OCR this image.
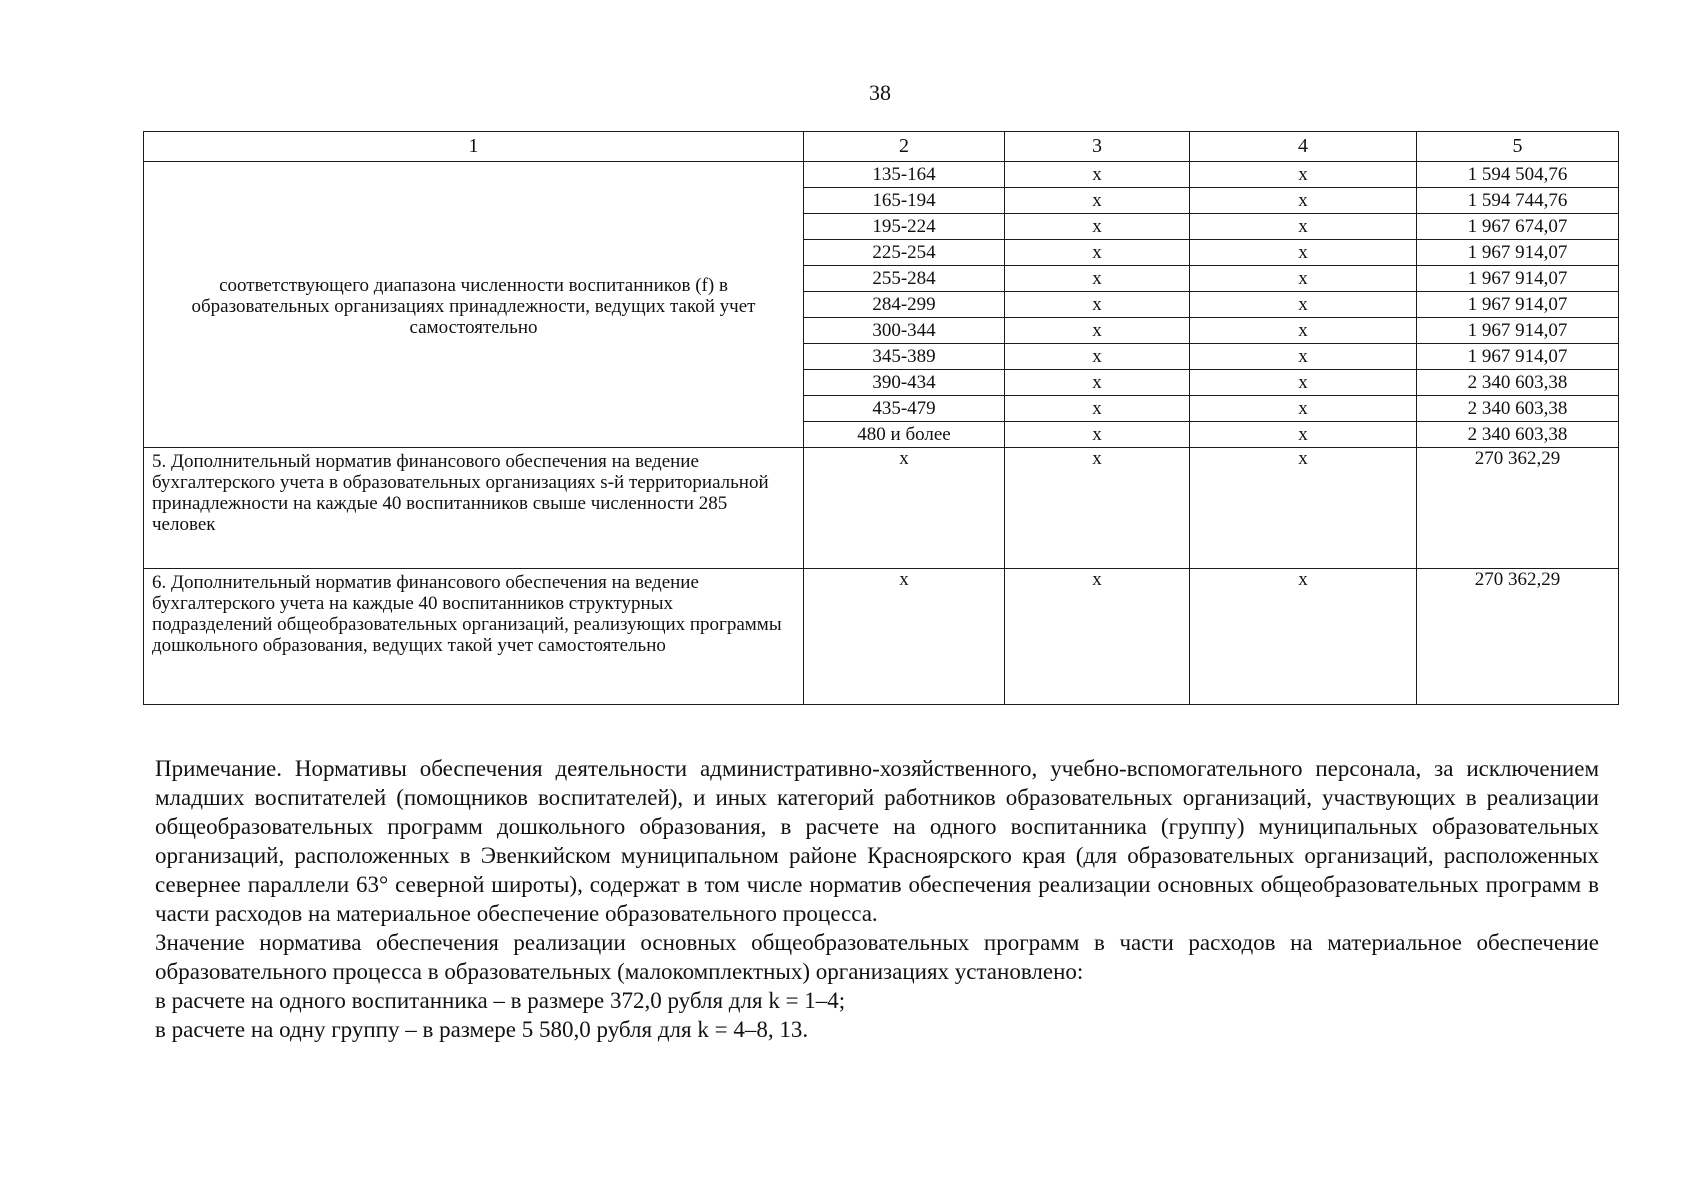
38
1	2	3	4	5
соответствующего диапазона численности воспитанников (f) в образовательных организациях принадлежности, ведущих такой учет самостоятельно	135-164	x	x	1 594 504,76
	165-194	x	x	1 594 744,76
	195-224	x	x	1 967 674,07
	225-254	x	x	1 967 914,07
	255-284	x	x	1 967 914,07
	284-299	x	x	1 967 914,07
	300-344	x	x	1 967 914,07
	345-389	x	x	1 967 914,07
	390-434	x	x	2 340 603,38
	435-479	x	x	2 340 603,38
	480 и более	x	x	2 340 603,38
5. Дополнительный норматив финансового обеспечения на ведение бухгалтерского учета в образовательных организациях s-й территориальной принадлежности на каждые 40 воспитанников свыше численности 285 человек	x	x	x	270 362,29
6. Дополнительный норматив финансового обеспечения на ведение бухгалтерского учета на каждые 40 воспитанников структурных подразделений общеобразовательных организаций, реализующих программы дошкольного образования, ведущих такой учет самостоятельно	x	x	x	270 362,29

Примечание. Нормативы обеспечения деятельности административно-хозяйственного, учебно-вспомогательного персонала, за исключением младших воспитателей (помощников воспитателей), и иных категорий работников образовательных организаций, участвующих в реализации общеобразовательных программ дошкольного образования, в расчете на одного воспитанника (группу) муниципальных образовательных организаций, расположенных в Эвенкийском муниципальном районе Красноярского края (для образовательных организаций, расположенных севернее параллели 63° северной широты), содержат в том числе норматив обеспечения реализации основных общеобразовательных программ в части расходов на материальное обеспечение образовательного процесса.

Значение норматива обеспечения реализации основных общеобразовательных программ в части расходов на материальное обеспечение образовательного процесса в образовательных (малокомплектных) организациях установлено:

в расчете на одного воспитанника – в размере 372,0 рубля для k = 1–4;

в расчете на одну группу – в размере 5 580,0 рубля для k = 4–8, 13.
